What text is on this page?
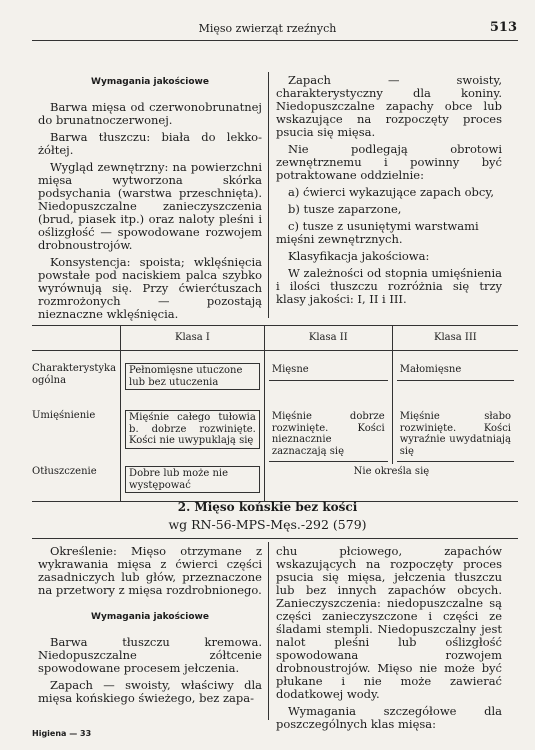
Mięso zwierząt rzeźnych	513

Wymagania jakościowe

Barwa mięsa od czerwonobrunatnej do brunatnoczerwonej.

Barwa tłuszczu: biała do lekko-żółtej.

Wygląd zewnętrzny: na powierzchni mięsa wytworzona skórka podsychania (warstwa przeschnięta). Niedopuszczalne zanieczyszczenia (brud, piasek itp.) oraz naloty pleśni i oślizgłość — spowodowane rozwojem drobnoustrojów.

Konsystencja: spoista; wklęśnięcia powstałe pod naciskiem palca szybko wyrównują się. Przy ćwierćtuszach rozmrożonych — pozostają nieznaczne wklęśnięcia.

Zapach — swoisty, charakterystyczny dla koniny. Niedopuszczalne zapachy obce lub wskazujące na rozpoczęty proces psucia się mięsa.

Nie podlegają obrotowi zewnętrznemu i powinny być potraktowane oddzielnie:

a) ćwierci wykazujące zapach obcy,

b) tusze zaparzone,

c) tusze z usuniętymi warstwami mięśni zewnętrznych.

Klasyfikacja jakościowa:

W zależności od stopnia umięśnienia i ilości tłuszczu rozróżnia się trzy klasy jakości: I, II i III.

	Klasa I	Klasa II	Klasa III
Charakterystyka ogólna	Pełnomięsne utuczone lub bez utuczenia	Mięsne	Małomięsne

Umięśnienie	Mięśnie całego tułowia b. dobrze rozwinięte. Kości nie uwypuklają się	Mięśnie dobrze rozwinięte. Kości nieznacznie zaznaczają się	Mięśnie słabo rozwinięte. Kości wyraźnie uwydatniają się

Otłuszczenie	Dobre lub może nie występować	Nie określa się	
2. Mięso końskie bez kości
wg RN-56-MPS-Męs.-292 (579)

Określenie: Mięso otrzymane z wykrawania mięsa z ćwierci części zasadniczych lub głów, przeznaczone na przetwory z mięsa rozdrobnionego.

Wymagania jakościowe

Barwa tłuszczu kremowa. Niedopuszczalne zółtcenie spowodowane procesem jełczenia.

Zapach — swoisty, właściwy dla mięsa końskiego świeżego, bez zapa-

chu płciowego, zapachów wskazujących na rozpoczęty proces psucia się mięsa, jełczenia tłuszczu lub bez innych zapachów obcych. Zanieczyszczenia: niedopuszczalne są części zanieczyszczone i części ze śladami stempli. Niedopuszczalny jest nalot pleśni lub oślizgłość spowodowana rozwojem drobnoustrojów. Mięso nie może być płukane i nie może zawierać dodatkowej wody.

Wymagania szczegółowe dla poszczególnych klas mięsa:

Higiena — 33
